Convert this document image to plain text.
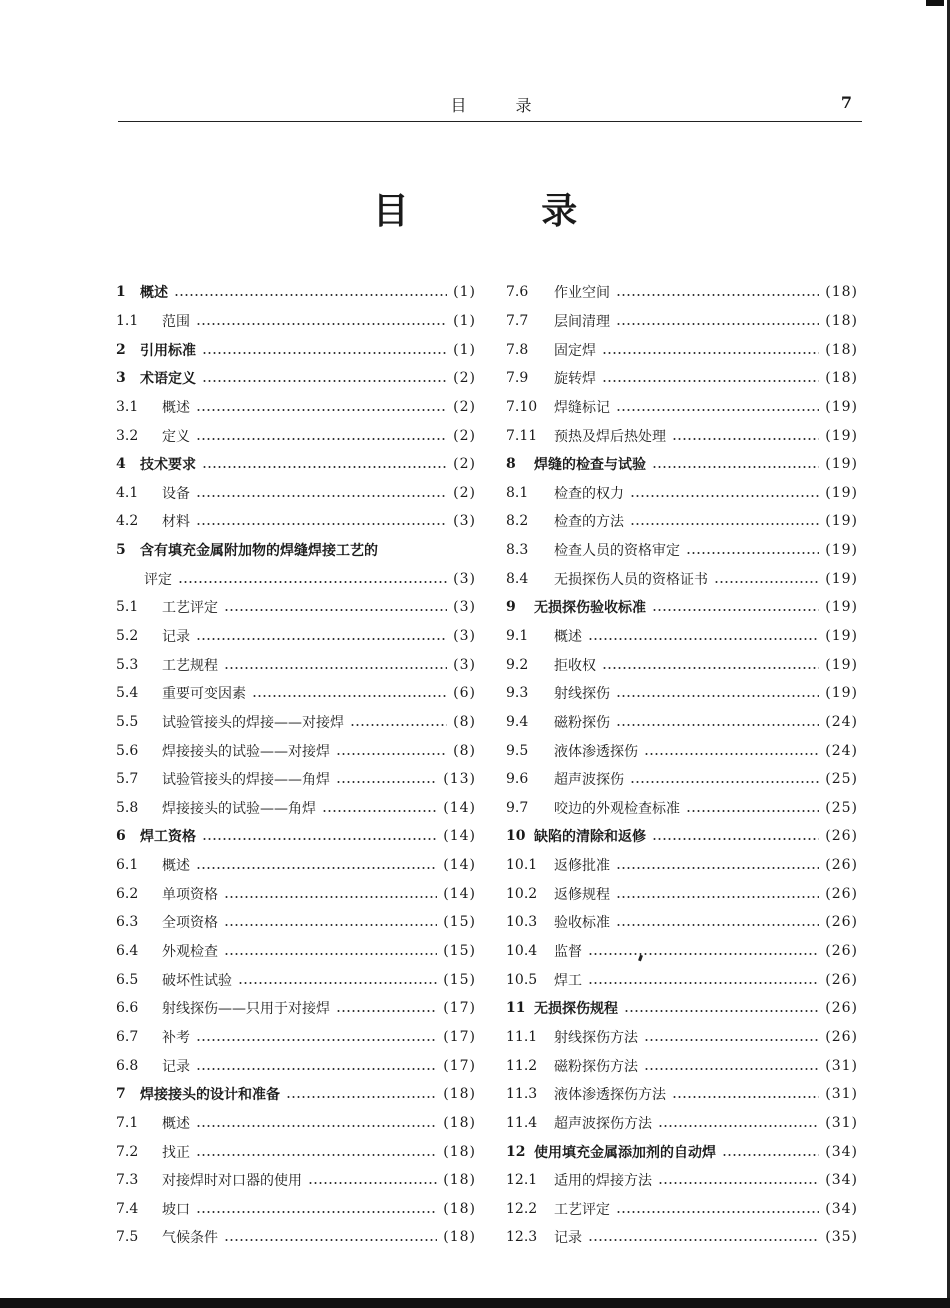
目 录	7
目 录
1	概述	(1)
1.1	范围	(1)
2	引用标准	(1)
3	术语定义	(2)
3.1	概述	(2)
3.2	定义	(2)
4	技术要求	(2)
4.1	设备	(2)
4.2	材料	(3)
5	含有填充金属附加物的焊缝焊接工艺的
评定	(3)
5.1	工艺评定	(3)
5.2	记录	(3)
5.3	工艺规程	(3)
5.4	重要可变因素	(6)
5.5	试验管接头的焊接——对接焊	(8)
5.6	焊接接头的试验——对接焊	(8)
5.7	试验管接头的焊接——角焊	(13)
5.8	焊接接头的试验——角焊	(14)
6	焊工资格	(14)
6.1	概述	(14)
6.2	单项资格	(14)
6.3	全项资格	(15)
6.4	外观检查	(15)
6.5	破坏性试验	(15)
6.6	射线探伤——只用于对接焊	(17)
6.7	补考	(17)
6.8	记录	(17)
7	焊接接头的设计和准备	(18)
7.1	概述	(18)
7.2	找正	(18)
7.3	对接焊时对口器的使用	(18)
7.4	坡口	(18)
7.5	气候条件	(18)
7.6	作业空间	(18)
7.7	层间清理	(18)
7.8	固定焊	(18)
7.9	旋转焊	(18)
7.10	焊缝标记	(19)
7.11	预热及焊后热处理	(19)
8	焊缝的检查与试验	(19)
8.1	检查的权力	(19)
8.2	检查的方法	(19)
8.3	检查人员的资格审定	(19)
8.4	无损探伤人员的资格证书	(19)
9	无损探伤验收标准	(19)
9.1	概述	(19)
9.2	拒收权	(19)
9.3	射线探伤	(19)
9.4	磁粉探伤	(24)
9.5	液体渗透探伤	(24)
9.6	超声波探伤	(25)
9.7	咬边的外观检查标准	(25)
10 缺陷的清除和返修	(26)
10.1	返修批准	(26)
10.2	返修规程	(26)
10.3	验收标准	(26)
10.4	监督	(26)
10.5	焊工	(26)
11 无损探伤规程	(26)
11.1	射线探伤方法	(26)
11.2	磁粉探伤方法	(31)
11.3	液体渗透探伤方法	(31)
11.4	超声波探伤方法	(31)
12 使用填充金属添加剂的自动焊	(34)
12.1	适用的焊接方法	(34)
12.2	工艺评定	(34)
12.3	记录	(35)
